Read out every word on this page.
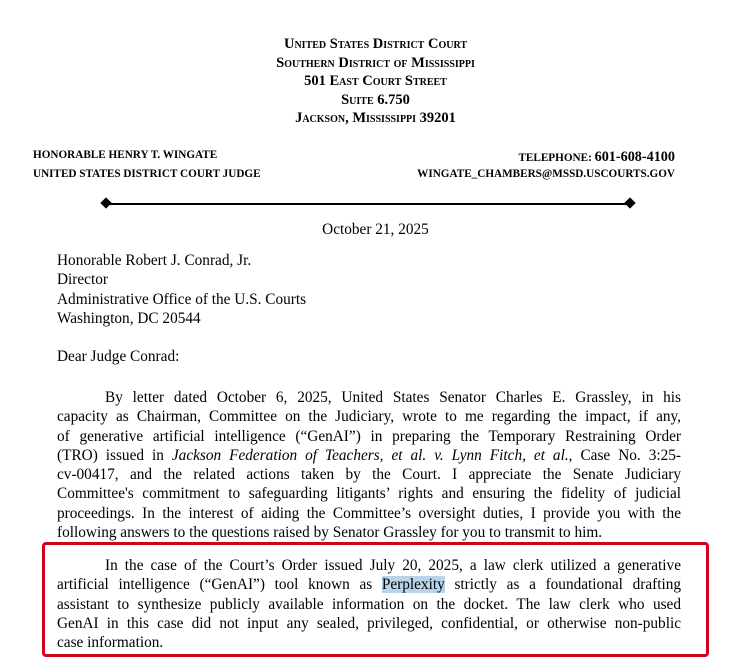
United States District Court
Southern District of Mississippi
501 East Court Street
Suite 6.750
Jackson, Mississippi 39201
HONORABLE HENRY T. WINGATE	TELEPHONE: 601-608-4100
UNITED STATES DISTRICT COURT JUDGE	WINGATE_CHAMBERS@MSSD.USCOURTS.GOV
October 21, 2025
Honorable Robert J. Conrad, Jr.
Director
Administrative Office of the U.S. Courts
Washington, DC 20544
Dear Judge Conrad:
By letter dated October 6, 2025, United States Senator Charles E. Grassley, in his
capacity as Chairman, Committee on the Judiciary, wrote to me regarding the impact, if any,
of generative artificial intelligence (“GenAI”) in preparing the Temporary Restraining Order
(TRO) issued in Jackson Federation of Teachers, et al. v. Lynn Fitch, et al., Case No. 3:25-
cv-00417, and the related actions taken by the Court. I appreciate the Senate Judiciary
Committee's commitment to safeguarding litigants’ rights and ensuring the fidelity of judicial
proceedings. In the interest of aiding the Committee’s oversight duties, I provide you with the
following answers to the questions raised by Senator Grassley for you to transmit to him.
In the case of the Court’s Order issued July 20, 2025, a law clerk utilized a generative
artificial intelligence (“GenAI”) tool known as Perplexity strictly as a foundational drafting
assistant to synthesize publicly available information on the docket. The law clerk who used
GenAI in this case did not input any sealed, privileged, confidential, or otherwise non-public
case information.
